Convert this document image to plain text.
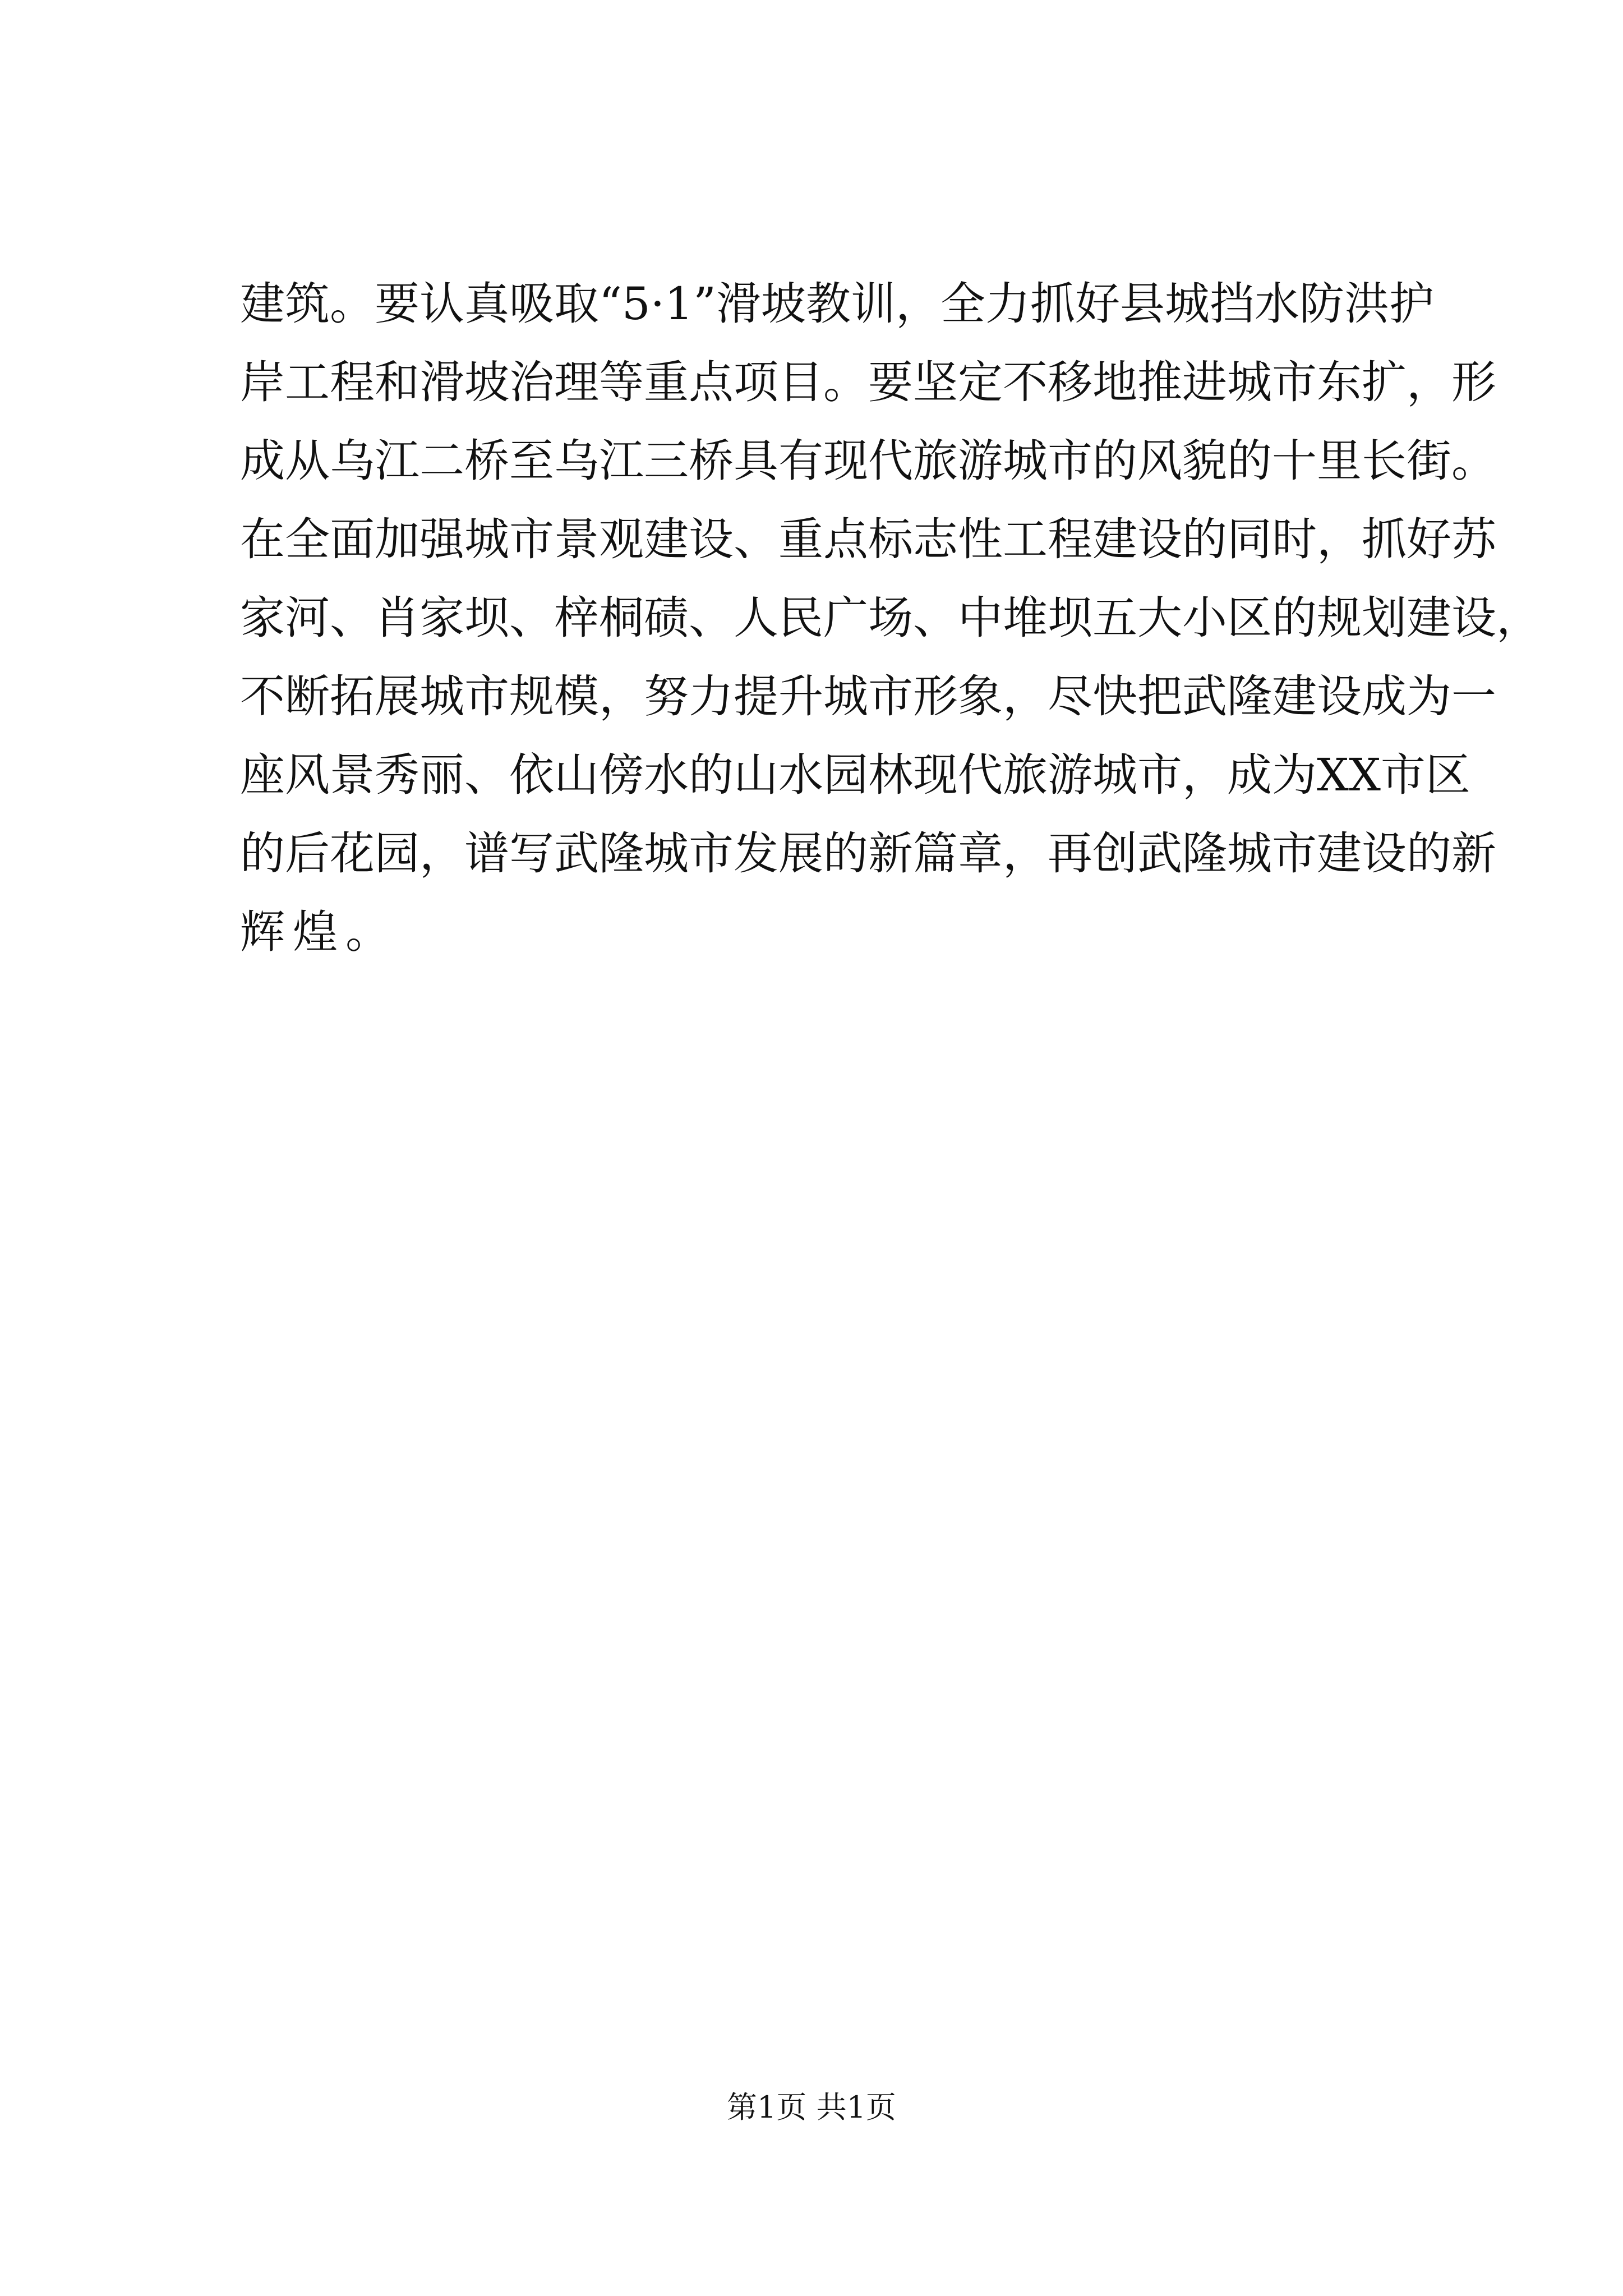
建筑。要认真吸取“5·1”滑坡教训，全力抓好县城挡水防洪护
岸工程和滑坡治理等重点项目。要坚定不移地推进城市东扩，形
成从乌江二桥至乌江三桥具有现代旅游城市的风貌的十里长街。
在全面加强城市景观建设、重点标志性工程建设的同时，抓好苏
家河、肖家坝、梓桐碛、人民广场、中堆坝五大小区的规划建设，
不断拓展城市规模，努力提升城市形象，尽快把武隆建设成为一
座风景秀丽、依山傍水的山水园林现代旅游城市，成为XX市区
的后花园，谱写武隆城市发展的新篇章，再创武隆城市建设的新
辉煌。
第1页 共1页
